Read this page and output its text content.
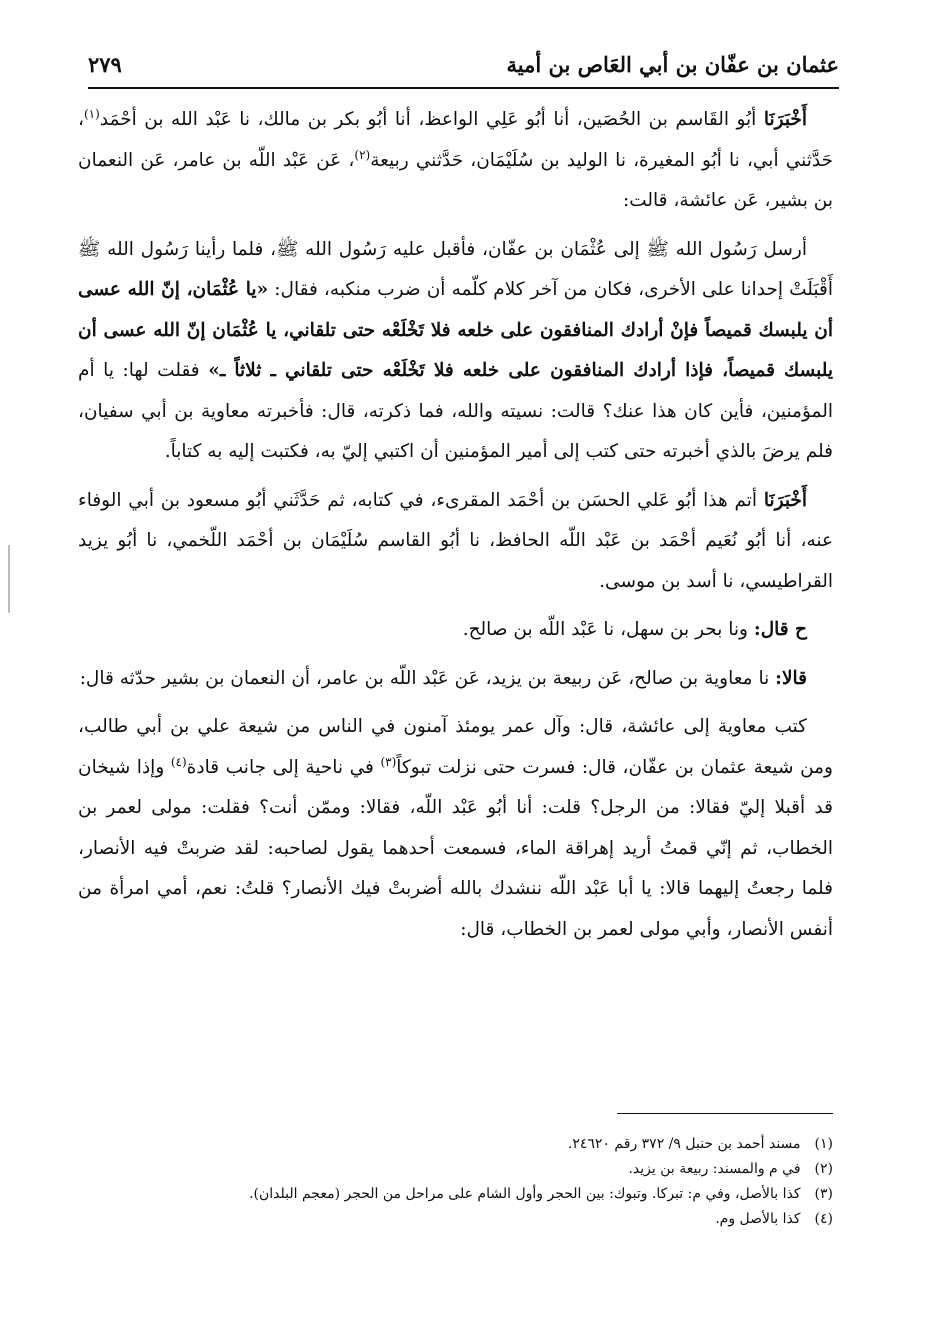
عثمان بن عفّان بن أبي العَاص بن أمية
٢٧٩

أَخْبَرَنَا أبُو القَاسم بن الحُصَين، أنا أبُو عَلِي الواعظ، أنا أبُو بكر بن مالك، نا عَبْد الله بن أحْمَد$^{(١)}$، حَدَّثني أبي، نا أبُو المغيرة، نا الوليد بن سُلَيْمَان، حَدَّثني ربيعة$^{(٢)}$، عَن عَبْد اللّه بن عامر، عَن النعمان بن بشير، عَن عائشة، قالت:

أرسل رَسُول الله ﷺ إلى عُثْمَان بن عفّان، فأقبل عليه رَسُول الله ﷺ، فلما رأينا رَسُول الله ﷺ أَقْبَلَتْ إحدانا على الأخرى، فكان من آخر كلام كلّمه أن ضرب منكبه، فقال: «يا عُثْمَان، إنّ الله عسى أن يلبسك قميصاً فإنْ أرادك المنافقون على خلعه فلا تَخْلَعْه حتى تلقاني، يا عُثْمَان إنّ الله عسى أن يلبسك قميصاً، فإذا أرادك المنافقون على خلعه فلا تَخْلَعْه حتى تلقاني ـ ثلاثاً ـ» فقلت لها: يا أم المؤمنين، فأين كان هذا عنك؟ قالت: نسيته والله، فما ذكرته، قال: فأخبرته معاوية بن أبي سفيان، فلم يرضَ بالذي أخبرته حتى كتب إلى أمير المؤمنين أن اكتبي إليّ به، فكتبت إليه به كتاباً.

أَخْبَرَنَا أتم هذا أبُو عَلي الحسَن بن أحْمَد المقرىء، في كتابه، ثم حَدَّثَني أبُو مسعود بن أبي الوفاء عنه، أنا أبُو نُعَيم أحْمَد بن عَبْد اللّه الحافظ، نا أبُو القاسم سُلَيْمَان بن أحْمَد اللّخمي، نا أبُو يزيد القراطيسي، نا أسد بن موسى.

ح قال: ونا بحر بن سهل، نا عَبْد اللّه بن صالح.

قالا: نا معاوية بن صالح، عَن ربيعة بن يزيد، عَن عَبْد اللّه بن عامر، أن النعمان بن بشير حدّثه قال:

كتب معاوية إلى عائشة، قال: وآل عمر يومئذ آمنون في الناس من شيعة علي بن أبي طالب، ومن شيعة عثمان بن عفّان، قال: فسرت حتى نزلت تبوكاً$^{(٣)}$ في ناحية إلى جانب قادة$^{(٤)}$ وإذا شيخان قد أقبلا إليّ فقالا: من الرجل؟ قلت: أنا أبُو عَبْد اللّه، فقالا: وممّن أنت؟ فقلت: مولى لعمر بن الخطاب، ثم إنّي قمتُ أريد إهراقة الماء، فسمعت أحدهما يقول لصاحبه: لقد ضربتْ فيه الأنصار، فلما رجعتُ إليهما قالا: يا أبا عَبْد اللّه ننشدك بالله أضربتْ فيك الأنصار؟ قلتُ: نعم، أمي امرأة من أنفس الأنصار، وأبي مولى لعمر بن الخطاب، قال:

(١)
مسند أحمد بن حنبل ٩/ ٣٧٢ رقم ٢٤٦٢٠.
(٢)
في م والمسند: ربيعة بن يزيد.
(٣)
كذا بالأصل، وفي م: تبركا. وتبوك: بين الحجر وأول الشام على مراحل من الحجر (معجم البلدان).
(٤)
كذا بالأصل وم.
